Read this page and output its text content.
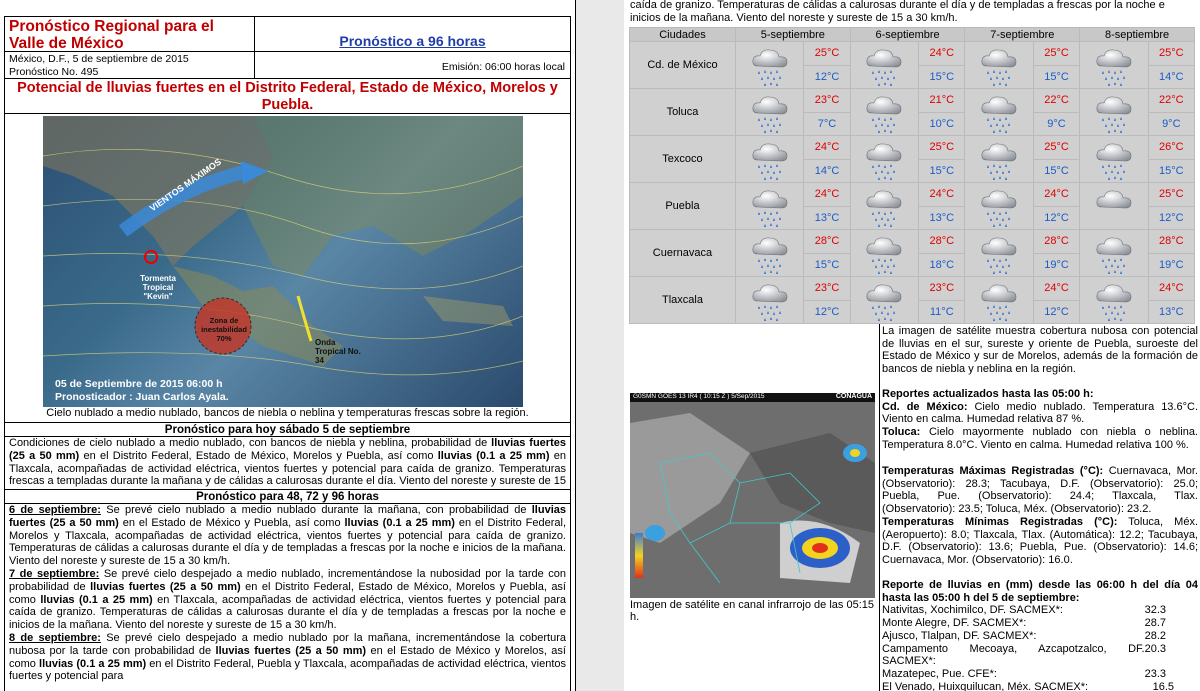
Pronóstico Regional para el Valle de México	Pronóstico a 96 horas
México, D.F., 5 de septiembre de 2015
Pronóstico No. 495	Emisión: 06:00 horas local
Potencial de lluvias fuertes en el Distrito Federal, Estado de México, Morelos y Puebla.
VIENTOS MÁXIMOS
Tormenta Tropical "Kevin"
Zona de inestabilidad 70%	Onda Tropical No. 34
05 de Septiembre de 2015 06:00 h
Pronosticador : Juan Carlos Ayala.
Cielo nublado a medio nublado, bancos de niebla o neblina y temperaturas frescas sobre la región.
Pronóstico para hoy sábado 5 de septiembre
Condiciones de cielo nublado a medio nublado, con bancos de niebla y neblina, probabilidad de lluvias fuertes (25 a 50 mm) en el Distrito Federal, Estado de México, Morelos y Puebla, así como lluvias (0.1 a 25 mm) en Tlaxcala, acompañadas de actividad eléctrica, vientos fuertes y potencial para caída de granizo. Temperaturas frescas a templadas durante la mañana y de cálidas a calurosas durante el día. Viento del noreste y sureste de 15
Pronóstico para 48, 72 y 96 horas
6 de septiembre: Se prevé cielo nublado a medio nublado durante la mañana, con probabilidad de lluvias fuertes (25 a 50 mm) en el Estado de México y Puebla, así como lluvias (0.1 a 25 mm) en el Distrito Federal, Morelos y Tlaxcala, acompañadas de actividad eléctrica, vientos fuertes y potencial para caída de granizo. Temperaturas de cálidas a calurosas durante el día y de templadas a frescas por la noche e inicios de la mañana. Viento del noreste y sureste de 15 a 30 km/h.
7 de septiembre: Se prevé cielo despejado a medio nublado, incrementándose la nubosidad por la tarde con probabilidad de lluvias fuertes (25 a 50 mm) en el Distrito Federal, Estado de México, Morelos y Puebla, así como lluvias (0.1 a 25 mm) en Tlaxcala, acompañadas de actividad eléctrica, vientos fuertes y potencial para caída de granizo. Temperaturas de cálidas a calurosas durante el día y de templadas a frescas por la noche e inicios de la mañana. Viento del noreste y sureste de 15 a 30 km/h.
8 de septiembre: Se prevé cielo despejado a medio nublado por la mañana, incrementándose la cobertura nubosa por la tarde con probabilidad de lluvias fuertes (25 a 50 mm) en el Estado de México y Morelos, así como lluvias (0.1 a 25 mm) en el Distrito Federal, Puebla y Tlaxcala, acompañadas de actividad eléctrica, vientos fuertes y potencial para
caída de granizo. Temperaturas de cálidas a calurosas durante el día y de templadas a frescas por la noche e inicios de la mañana. Viento del noreste y sureste de 15 a 30 km/h.
Ciudades	5-septiembre		6-septiembre		7-septiembre		8-septiembre	
Cd. de México		25°C		24°C		25°C		25°C
		12°C		15°C		15°C		14°C
Toluca		23°C		21°C		22°C		22°C
		7°C		10°C		9°C		9°C
Texcoco		24°C		25°C		25°C		26°C
		14°C		15°C		15°C		15°C
Puebla		24°C		24°C		24°C		25°C
		13°C		13°C		12°C		12°C
Cuernavaca		28°C		28°C		28°C		28°C
		15°C		18°C		19°C		19°C
Tlaxcala		23°C		23°C		24°C		24°C
		12°C		11°C		12°C		13°C
G0SMN GOES 13 IR4 ( 10:15 Z ) 5/Sep/2015	CONAGUA
Imagen de satélite en canal infrarrojo de las 05:15 h.
La imagen de satélite muestra cobertura nubosa con potencial de lluvias en el sur, sureste y oriente de Puebla, suroeste del Estado de México y sur de Morelos, además de la formación de bancos de niebla y neblina en la región.
Reportes actualizados hasta las 05:00 h:
Cd. de México: Cielo medio nublado. Temperatura 13.6°C. Viento en calma. Humedad relativa 87 %.
Toluca: Cielo mayormente nublado con niebla o neblina. Temperatura 8.0°C. Viento en calma. Humedad relativa 100 %.
Temperaturas Máximas Registradas (°C): Cuernavaca, Mor. (Observatorio): 28.3; Tacubaya, D.F. (Observatorio): 25.0; Puebla, Pue. (Observatorio): 24.4; Tlaxcala, Tlax. (Observatorio): 23.5; Toluca, Méx. (Observatorio): 23.2.
Temperaturas Mínimas Registradas (°C): Toluca, Méx. (Aeropuerto): 8.0; Tlaxcala, Tlax. (Automática): 12.2; Tacubaya, D.F. (Observatorio): 13.6; Puebla, Pue. (Observatorio): 14.6; Cuernavaca, Mor. (Observatorio): 16.0.
Reporte de lluvias en (mm) desde las 06:00 h del día 04 hasta las 05:00 h del 5 de septiembre:
Nativitas, Xochimilco, DF. SACMEX*:	32.3
Monte Alegre, DF. SACMEX*:	28.7
Ajusco, Tlalpan, DF. SACMEX*:	28.2
Campamento Mecoaya, Azcapotzalco, DF. SACMEX*:
20.3
Mazatepec, Pue. CFE*:	23.3
El Venado, Huixquilucan, Méx. SACMEX*:	16.5
